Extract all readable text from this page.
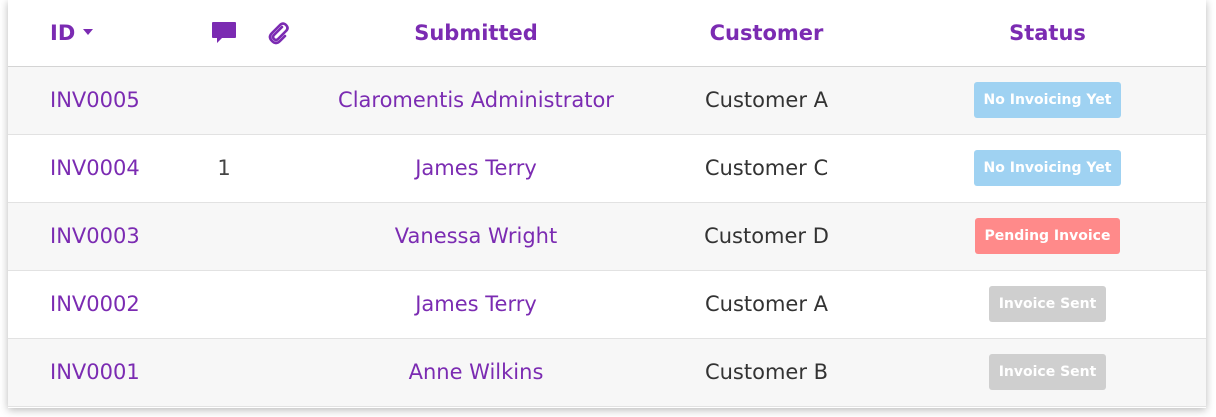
ID			Submitted	Customer	Status
INV0005			Claromentis Administrator	Customer A	No Invoicing Yet
INV0004	1		James Terry	Customer C	No Invoicing Yet
INV0003			Vanessa Wright	Customer D	Pending Invoice
INV0002			James Terry	Customer A	Invoice Sent
INV0001			Anne Wilkins	Customer B	Invoice Sent
